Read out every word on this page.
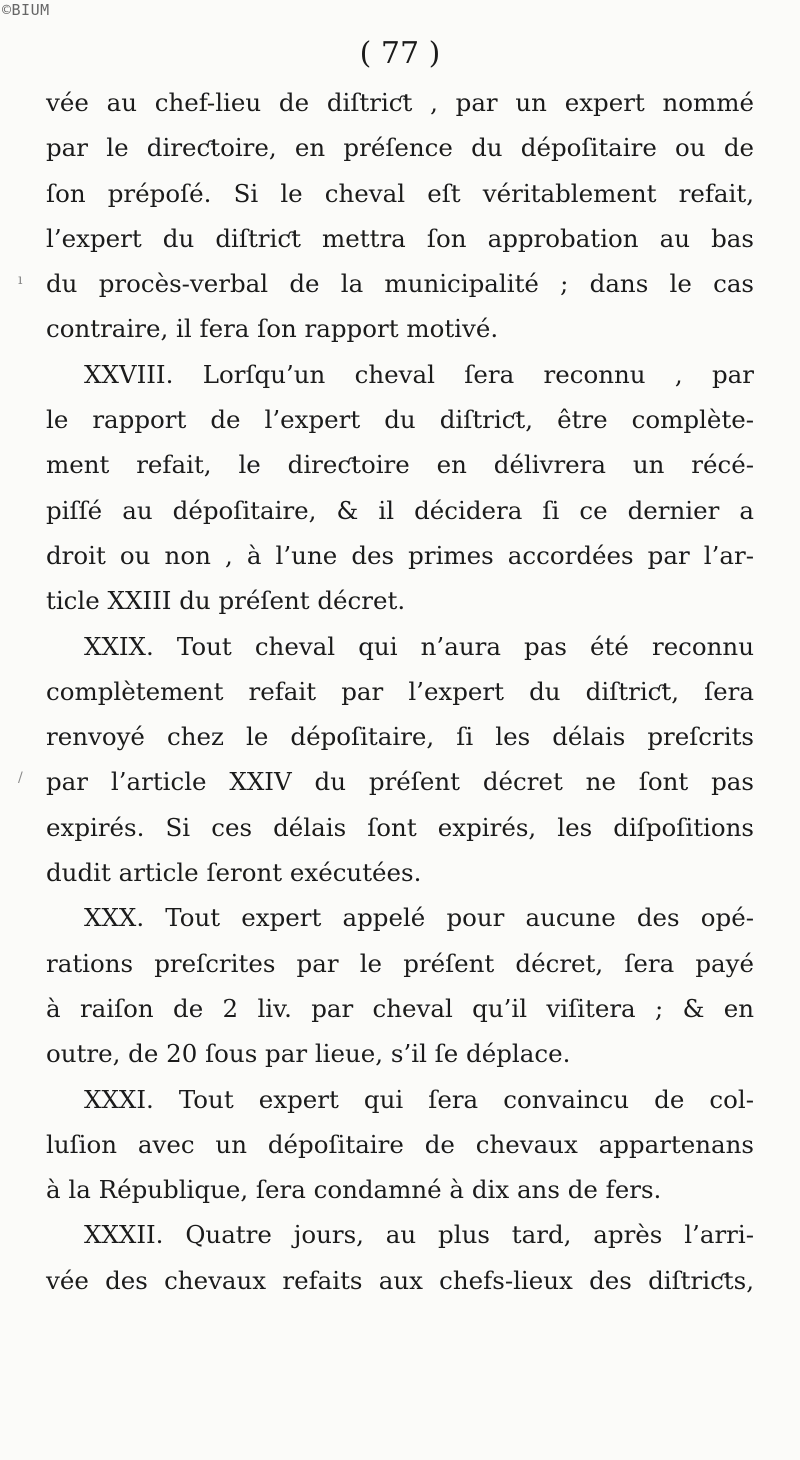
©BIUM
( 77 )
vée au chef-lieu de diſtriƈt , par un expert nommé
par le direƈtoire, en préſence du dépoſitaire ou de
ſon prépoſé. Si le cheval eſt véritablement refait,
l’expert du diſtriƈt mettra ſon approbation au bas
du procès-verbal de la municipalité ; dans le cas
contraire, il fera ſon rapport motivé.
XXVIII. Lorſqu’un cheval ſera reconnu , par
le rapport de l’expert du diſtriƈt, être complète-
ment refait, le direƈtoire en délivrera un récé-
piſſé au dépoſitaire, & il décidera ſi ce dernier a
droit ou non , à l’une des primes accordées par l’ar-
ticle XXIII du préſent décret.
XXIX. Tout cheval qui n’aura pas été reconnu
complètement refait par l’expert du diſtriƈt, ſera
renvoyé chez le dépoſitaire, ſi les délais preſcrits
par l’article XXIV du préſent décret ne ſont pas
expirés. Si ces délais ſont expirés, les diſpoſitions
dudit article ſeront exécutées.
XXX. Tout expert appelé pour aucune des opé-
rations preſcrites par le préſent décret, ſera payé
à raiſon de 2 liv. par cheval qu’il viſitera ; & en
outre, de 20 ſous par lieue, s’il ſe déplace.
XXXI. Tout expert qui ſera convaincu de col-
luſion avec un dépoſitaire de chevaux appartenans
à la République, ſera condamné à dix ans de fers.
XXXII. Quatre jours, au plus tard, après l’arri-
vée des chevaux refaits aux chefs-lieux des diſtriƈts,
ı
/
